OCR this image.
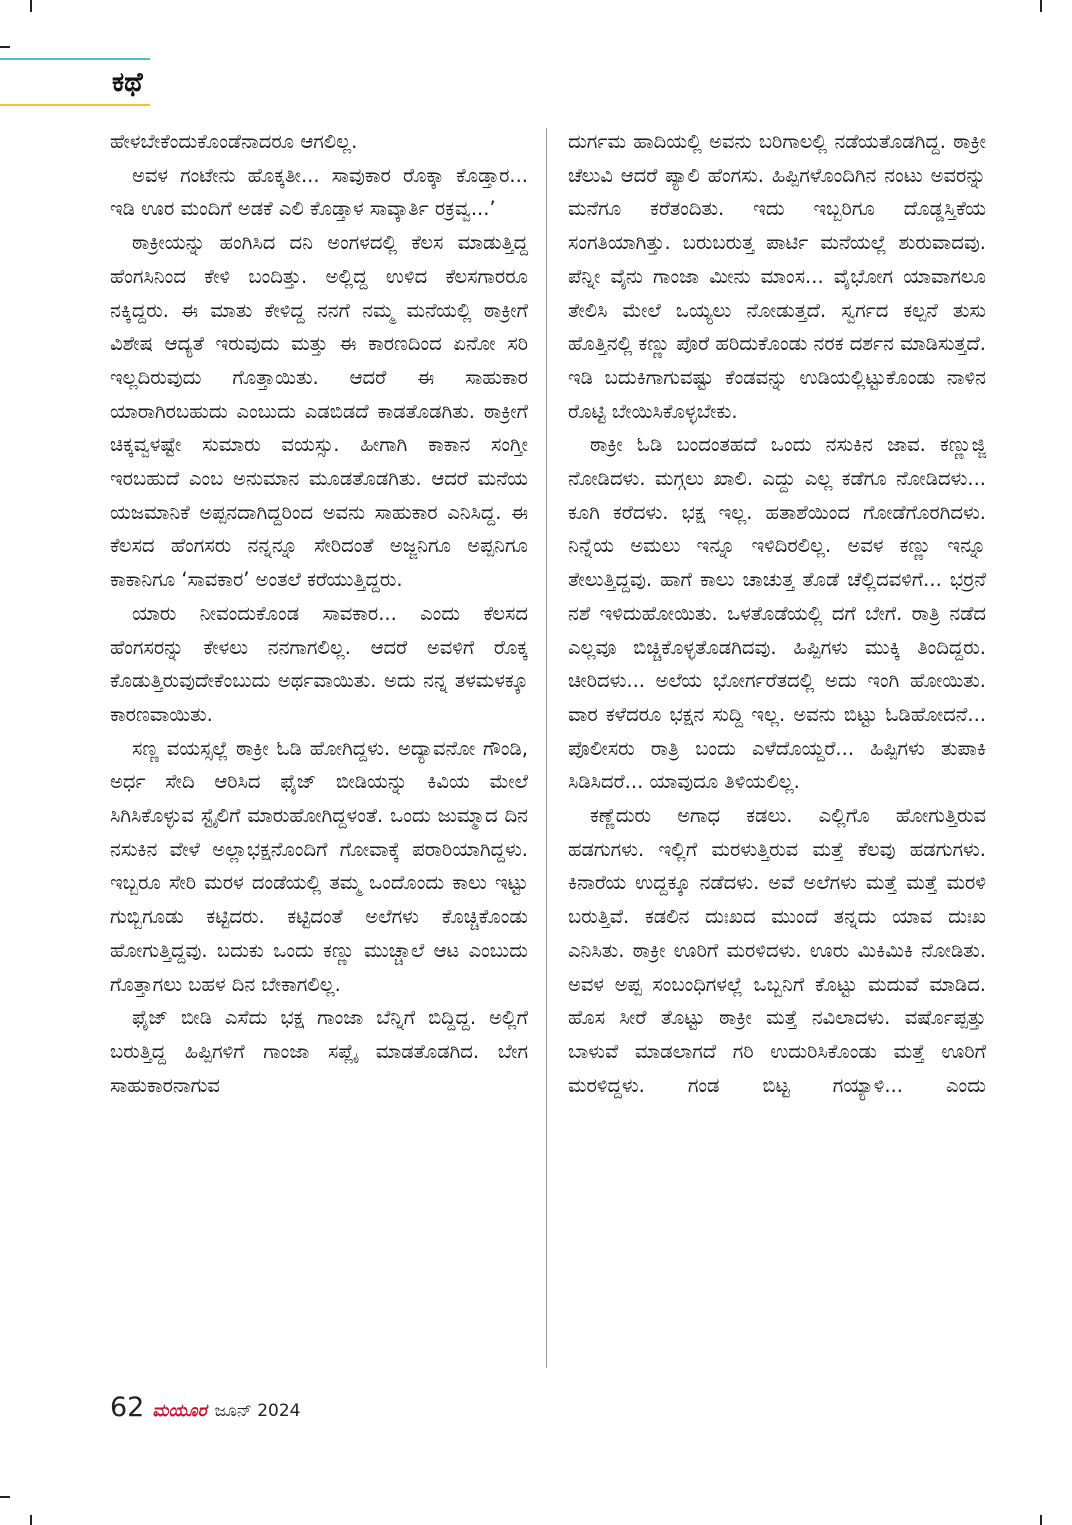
ಕಥೆ

ಹೇಳಬೇಕೆಂದುಕೊಂಡೆನಾದರೂ ಆಗಲಿಲ್ಲ.

ಅವಳ ಗಂಟೇನು ಹೊಕ್ಕತೀ... ಸಾವುಕಾರ ರೊಕ್ಕಾ ಕೊಡ್ತಾರ... ಇಡಿ ಊರ ಮಂದಿಗೆ ಅಡಕೆ ಎಲಿ ಕೊಡ್ತಾಳ ಸಾವ್ಕಾರ್ತಿ ರಕ್ರವ್ವ...’

ಠಾಕ್ರೀಯನ್ನು ಹಂಗಿಸಿದ ದನಿ ಅಂಗಳದಲ್ಲಿ ಕೆಲಸ ಮಾಡುತ್ತಿದ್ದ ಹೆಂಗಸಿನಿಂದ ಕೇಳಿ ಬಂದಿತ್ತು. ಅಲ್ಲಿದ್ದ ಉಳಿದ ಕೆಲಸಗಾರರೂ ನಕ್ಕಿದ್ದರು. ಈ ಮಾತು ಕೇಳಿದ್ದ ನನಗೆ ನಮ್ಮ ಮನೆಯಲ್ಲಿ ಠಾಕ್ರೀಗೆ ವಿಶೇಷ ಆದ್ಯತೆ ಇರುವುದು ಮತ್ತು ಈ ಕಾರಣದಿಂದ ಏನೋ ಸರಿ ಇಲ್ಲದಿರುವುದು ಗೊತ್ತಾಯಿತು. ಆದರೆ ಈ ಸಾಹುಕಾರ ಯಾರಾಗಿರಬಹುದು ಎಂಬುದು ಎಡಬಿಡದೆ ಕಾಡತೊಡಗಿತು. ಠಾಕ್ರೀಗೆ ಚಿಕ್ಕವ್ವಳಷ್ಟೇ ಸುಮಾರು ವಯಸ್ಸು. ಹೀಗಾಗಿ ಕಾಕಾನ ಸಂಗ್ತೀ ಇರಬಹುದೆ ಎಂಬ ಅನುಮಾನ ಮೂಡತೊಡಗಿತು. ಆದರೆ ಮನೆಯ ಯಜಮಾನಿಕೆ ಅಪ್ಪನದಾಗಿದ್ದರಿಂದ ಅವನು ಸಾಹುಕಾರ ಎನಿಸಿದ್ದ. ಈ ಕೆಲಸದ ಹೆಂಗಸರು ನನ್ನನ್ನೂ ಸೇರಿದಂತೆ ಅಜ್ಜನಿಗೂ ಅಪ್ಪನಿಗೂ ಕಾಕಾನಿಗೂ ‘ಸಾವಕಾರ’ ಅಂತಲೆ ಕರೆಯುತ್ತಿದ್ದರು.

ಯಾರು ನೀವಂದುಕೊಂಡ ಸಾವಕಾರ... ಎಂದು ಕೆಲಸದ ಹೆಂಗಸರನ್ನು ಕೇಳಲು ನನಗಾಗಲಿಲ್ಲ. ಆದರೆ ಅವಳಿಗೆ ರೊಕ್ಕ ಕೊಡುತ್ತಿರುವುದೇಕೆಂಬುದು ಅರ್ಥವಾಯಿತು. ಅದು ನನ್ನ ತಳಮಳಕ್ಕೂ ಕಾರಣವಾಯಿತು.

ಸಣ್ಣ ವಯಸ್ಸಲ್ಲೆ ಠಾಕ್ರೀ ಓಡಿ ಹೋಗಿದ್ದಳು. ಅದ್ಯಾವನೋ ಗೌಂಡಿ, ಅರ್ಧ ಸೇದಿ ಆರಿಸಿದ ಫೈಜ್ ಬೀಡಿಯನ್ನು ಕಿವಿಯ ಮೇಲೆ ಸಿಗಿಸಿಕೊಳ್ಳುವ ಸ್ಟೈಲಿಗೆ ಮಾರುಹೋಗಿದ್ದಳಂತೆ. ಒಂದು ಜುಮ್ಮಾದ ದಿನ ನಸುಕಿನ ವೇಳೆ ಅಲ್ಲಾಭಕ್ಷನೊಂದಿಗೆ ಗೋವಾಕ್ಕೆ ಪರಾರಿಯಾಗಿದ್ದಳು. ಇಬ್ಬರೂ ಸೇರಿ ಮರಳ ದಂಡೆಯಲ್ಲಿ ತಮ್ಮ ಒಂದೊಂದು ಕಾಲು ಇಟ್ಟು ಗುಬ್ಬಿಗೂಡು ಕಟ್ಟಿದರು. ಕಟ್ಟಿದಂತೆ ಅಲೆಗಳು ಕೊಚ್ಚಿಕೊಂಡು ಹೋಗುತ್ತಿದ್ದವು. ಬದುಕು ಒಂದು ಕಣ್ಣು ಮುಚ್ಚಾಲೆ ಆಟ ಎಂಬುದು ಗೊತ್ತಾಗಲು ಬಹಳ ದಿನ ಬೇಕಾಗಲಿಲ್ಲ.

ಫೈಜ್ ಬೀಡಿ ಎಸೆದು ಭಕ್ಷ ಗಾಂಜಾ ಬೆನ್ನಿಗೆ ಬಿದ್ದಿದ್ದ. ಅಲ್ಲಿಗೆ ಬರುತ್ತಿದ್ದ ಹಿಪ್ಪಿಗಳಿಗೆ ಗಾಂಜಾ ಸಪ್ಲೈ ಮಾಡತೊಡಗಿದ. ಬೇಗ ಸಾಹುಕಾರನಾಗುವ

ದುರ್ಗಮ ಹಾದಿಯಲ್ಲಿ ಅವನು ಬರಿಗಾಲಲ್ಲಿ ನಡೆಯತೊಡಗಿದ್ದ. ಠಾಕ್ರೀ ಚೆಲುವಿ ಆದರೆ ಪ್ಯಾಲಿ ಹೆಂಗಸು. ಹಿಪ್ಪಿಗಳೊಂದಿಗಿನ ನಂಟು ಅವರನ್ನು ಮನೆಗೂ ಕರೆತಂದಿತು. ಇದು ಇಬ್ಬರಿಗೂ ದೊಡ್ಡಸ್ತಿಕೆಯ ಸಂಗತಿಯಾಗಿತ್ತು. ಬರುಬರುತ್ತ ಪಾರ್ಟಿ ಮನೆಯಲ್ಲೆ ಶುರುವಾದವು. ಪೆನ್ನೀ ವೈನು ಗಾಂಜಾ ಮೀನು ಮಾಂಸ... ವೈಭೋಗ ಯಾವಾಗಲೂ ತೇಲಿಸಿ ಮೇಲೆ ಒಯ್ಯಲು ನೋಡುತ್ತದೆ. ಸ್ವರ್ಗದ ಕಲ್ಪನೆ ತುಸು ಹೊತ್ತಿನಲ್ಲಿ ಕಣ್ಣು ಪೊರೆ ಹರಿದುಕೊಂಡು ನರಕ ದರ್ಶನ ಮಾಡಿಸುತ್ತದೆ. ಇಡಿ ಬದುಕಿಗಾಗುವಷ್ಟು ಕೆಂಡವನ್ನು ಉಡಿಯಲ್ಲಿಟ್ಟುಕೊಂಡು ನಾಳಿನ ರೊಟ್ಟಿ ಬೇಯಿಸಿಕೊಳ್ಳಬೇಕು.

ಠಾಕ್ರೀ ಓಡಿ ಬಂದಂತಹದೆ ಒಂದು ನಸುಕಿನ ಜಾವ. ಕಣ್ಣುಜ್ಜಿ ನೋಡಿದಳು. ಮಗ್ಗಲು ಖಾಲಿ. ಎದ್ದು ಎಲ್ಲ ಕಡೆಗೂ ನೋಡಿದಳು... ಕೂಗಿ ಕರೆದಳು. ಭಕ್ಷ ಇಲ್ಲ. ಹತಾಶೆಯಿಂದ ಗೋಡೆಗೊರಗಿದಳು. ನಿನ್ನೆಯ ಅಮಲು ಇನ್ನೂ ಇಳಿದಿರಲಿಲ್ಲ. ಅವಳ ಕಣ್ಣು ಇನ್ನೂ ತೇಲುತ್ತಿದ್ದವು. ಹಾಗೆ ಕಾಲು ಚಾಚುತ್ತ ತೊಡೆ ಚೆಲ್ಲಿದವಳಿಗೆ... ಭರ್ರನೆ ನಶೆ ಇಳಿದುಹೋಯಿತು. ಒಳತೊಡೆಯಲ್ಲಿ ದಗೆ ಬೇಗೆ. ರಾತ್ರಿ ನಡೆದ ಎಲ್ಲವೂ ಬಿಚ್ಚಿಕೊಳ್ಳತೊಡಗಿದವು. ಹಿಪ್ಪಿಗಳು ಮುಕ್ಕಿ ತಿಂದಿದ್ದರು. ಚೀರಿದಳು... ಅಲೆಯ ಭೋರ್ಗರೆತದಲ್ಲಿ ಅದು ಇಂಗಿ ಹೋಯಿತು. ವಾರ ಕಳೆದರೂ ಭಕ್ಷನ ಸುದ್ದಿ ಇಲ್ಲ. ಅವನು ಬಿಟ್ಟು ಓಡಿಹೋದನೆ... ಪೊಲೀಸರು ರಾತ್ರಿ ಬಂದು ಎಳೆದೊಯ್ದರೆ... ಹಿಪ್ಪಿಗಳು ತುಪಾಕಿ ಸಿಡಿಸಿದರೆ... ಯಾವುದೂ ತಿಳಿಯಲಿಲ್ಲ.

ಕಣ್ಣೆದುರು ಅಗಾಧ ಕಡಲು. ಎಲ್ಲಿಗೊ ಹೋಗುತ್ತಿರುವ ಹಡಗುಗಳು. ಇಲ್ಲಿಗೆ ಮರಳುತ್ತಿರುವ ಮತ್ತೆ ಕೆಲವು ಹಡಗುಗಳು. ಕಿನಾರೆಯ ಉದ್ದಕ್ಕೂ ನಡೆದಳು. ಅವೆ ಅಲೆಗಳು ಮತ್ತೆ ಮತ್ತೆ ಮರಳಿ ಬರುತ್ತಿವೆ. ಕಡಲಿನ ದುಃಖದ ಮುಂದೆ ತನ್ನದು ಯಾವ ದುಃಖ ಎನಿಸಿತು. ಠಾಕ್ರೀ ಊರಿಗೆ ಮರಳಿದಳು. ಊರು ಮಿಕಿಮಿಕಿ ನೋಡಿತು. ಅವಳ ಅಪ್ಪ ಸಂಬಂಧಿಗಳಲ್ಲೆ ಒಬ್ಬನಿಗೆ ಕೊಟ್ಟು ಮದುವೆ ಮಾಡಿದ. ಹೊಸ ಸೀರೆ ತೊಟ್ಟು ಠಾಕ್ರೀ ಮತ್ತೆ ನವಿಲಾದಳು. ವರ್ಷೊಪ್ಪತ್ತು ಬಾಳುವೆ ಮಾಡಲಾಗದೆ ಗರಿ ಉದುರಿಸಿಕೊಂಡು ಮತ್ತೆ ಊರಿಗೆ ಮರಳಿದ್ದಳು. ಗಂಡ ಬಿಟ್ಟ ಗಯ್ಯಾಳಿ... ಎಂದು

62 ಮಯೂರ ಜೂನ್ 2024
